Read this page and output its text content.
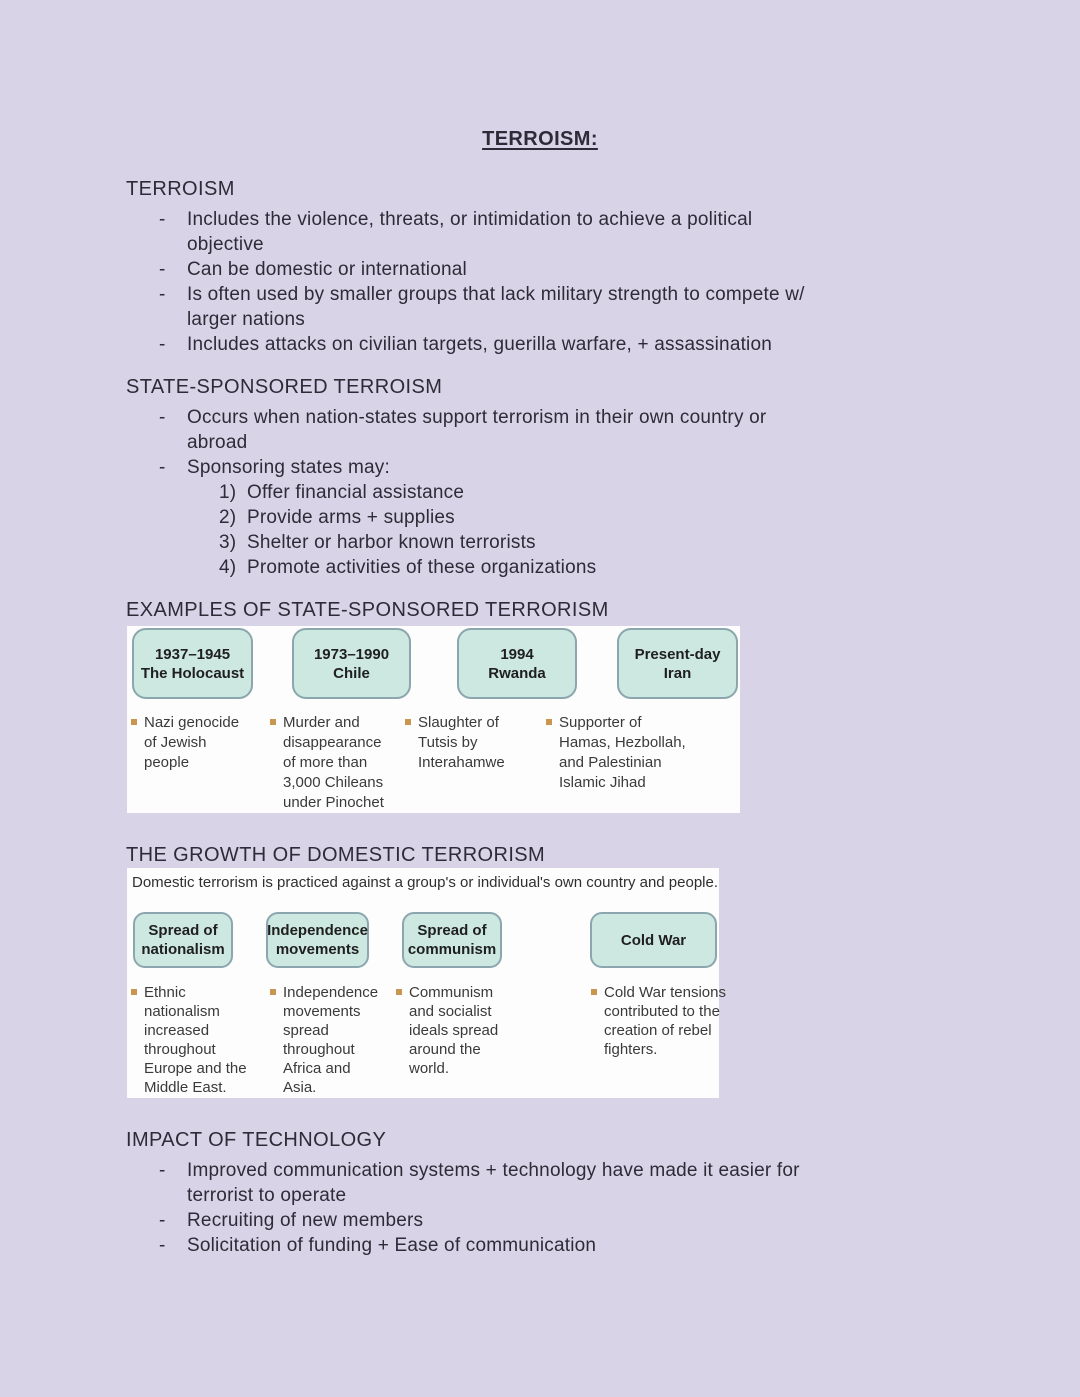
TERROISM:
TERROISM
-	Includes the violence, threats, or intimidation to achieve a political
objective
-	Can be domestic or international
-	Is often used by smaller groups that lack military strength to compete w/
larger nations
-	Includes attacks on civilian targets, guerilla warfare, + assassination
STATE-SPONSORED TERROISM
-	Occurs when nation-states support terrorism in their own country or
abroad
-	Sponsoring states may:
1) Offer financial assistance
2) Provide arms + supplies
3) Shelter or harbor known terrorists
4) Promote activities of these organizations
EXAMPLES OF STATE-SPONSORED TERRORISM
1937–1945
The Holocaust
1973–1990
Chile
1994
Rwanda
Present-day
Iran
Nazi genocide of Jewish people
Murder and disappearance of more than 3,000 Chileans under Pinochet
Slaughter of Tutsis by Interahamwe
Supporter of Hamas, Hezbollah, and Palestinian Islamic Jihad
THE GROWTH OF DOMESTIC TERRORISM
Domestic terrorism is practiced against a group's or individual's own country and people.
Spread of
nationalism
Independence
movements
Spread of
communism
Cold War
Ethnic nationalism increased throughout Europe and the Middle East.
Independence movements spread throughout Africa and Asia.
Communism and socialist ideals spread around the world.
Cold War tensions contributed to the creation of rebel fighters.
IMPACT OF TECHNOLOGY
-	Improved communication systems + technology have made it easier for
terrorist to operate
-	Recruiting of new members
-	Solicitation of funding + Ease of communication
